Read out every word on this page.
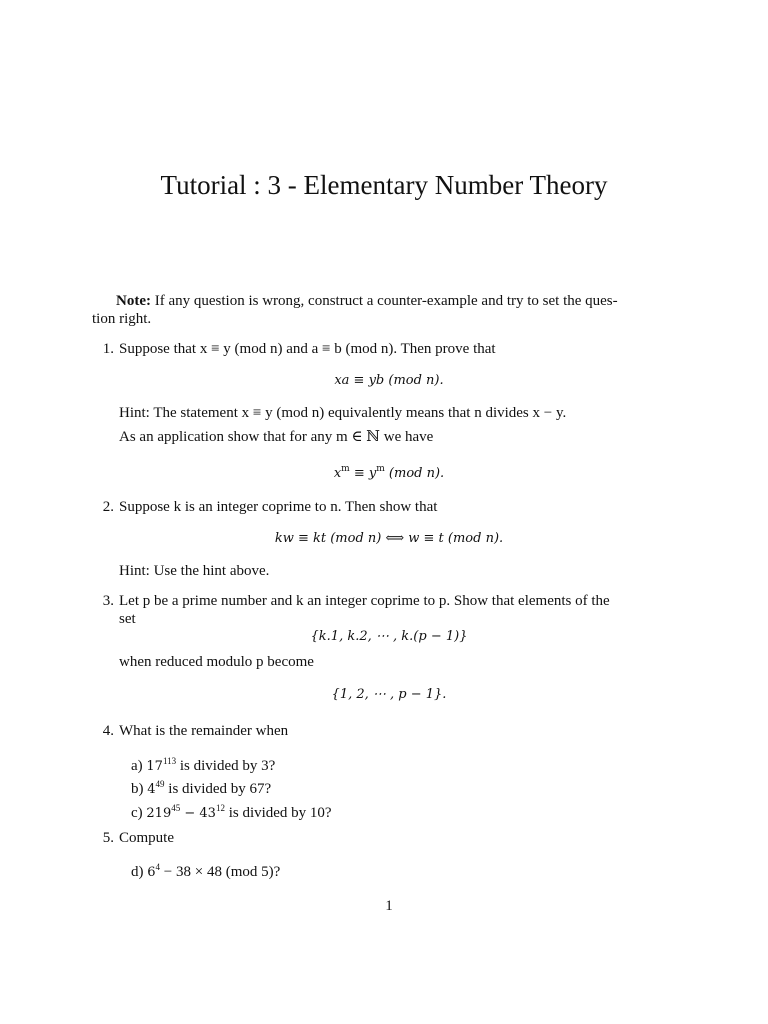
Tutorial : 3 - Elementary Number Theory
Note: If any question is wrong, construct a counter-example and try to set the ques-
tion right.
1. Suppose that x ≡ y (mod n) and a ≡ b (mod n). Then prove that
xa ≡ yb (mod n).
Hint: The statement x ≡ y (mod n) equivalently means that n divides x − y.
As an application show that for any m ∈ ℕ we have
$x^m \equiv y^m$ (mod n).
2. Suppose k is an integer coprime to n. Then show that
kw ≡ kt (mod n) ⟺ w ≡ t (mod n).
Hint: Use the hint above.
3. Let p be a prime number and k an integer coprime to p. Show that elements of the
set
{k.1, k.2, ⋯ , k.(p − 1)}
when reduced modulo p become
{1, 2, ⋯ , p − 1}.
4. What is the remainder when
a) $17^{113}$ is divided by 3?
b) $4^{49}$ is divided by 67?
c) $219^{45} - 43^{12}$ is divided by 10?
5. Compute
d) $6^4 - 38 \times 48$ (mod 5)?
1
